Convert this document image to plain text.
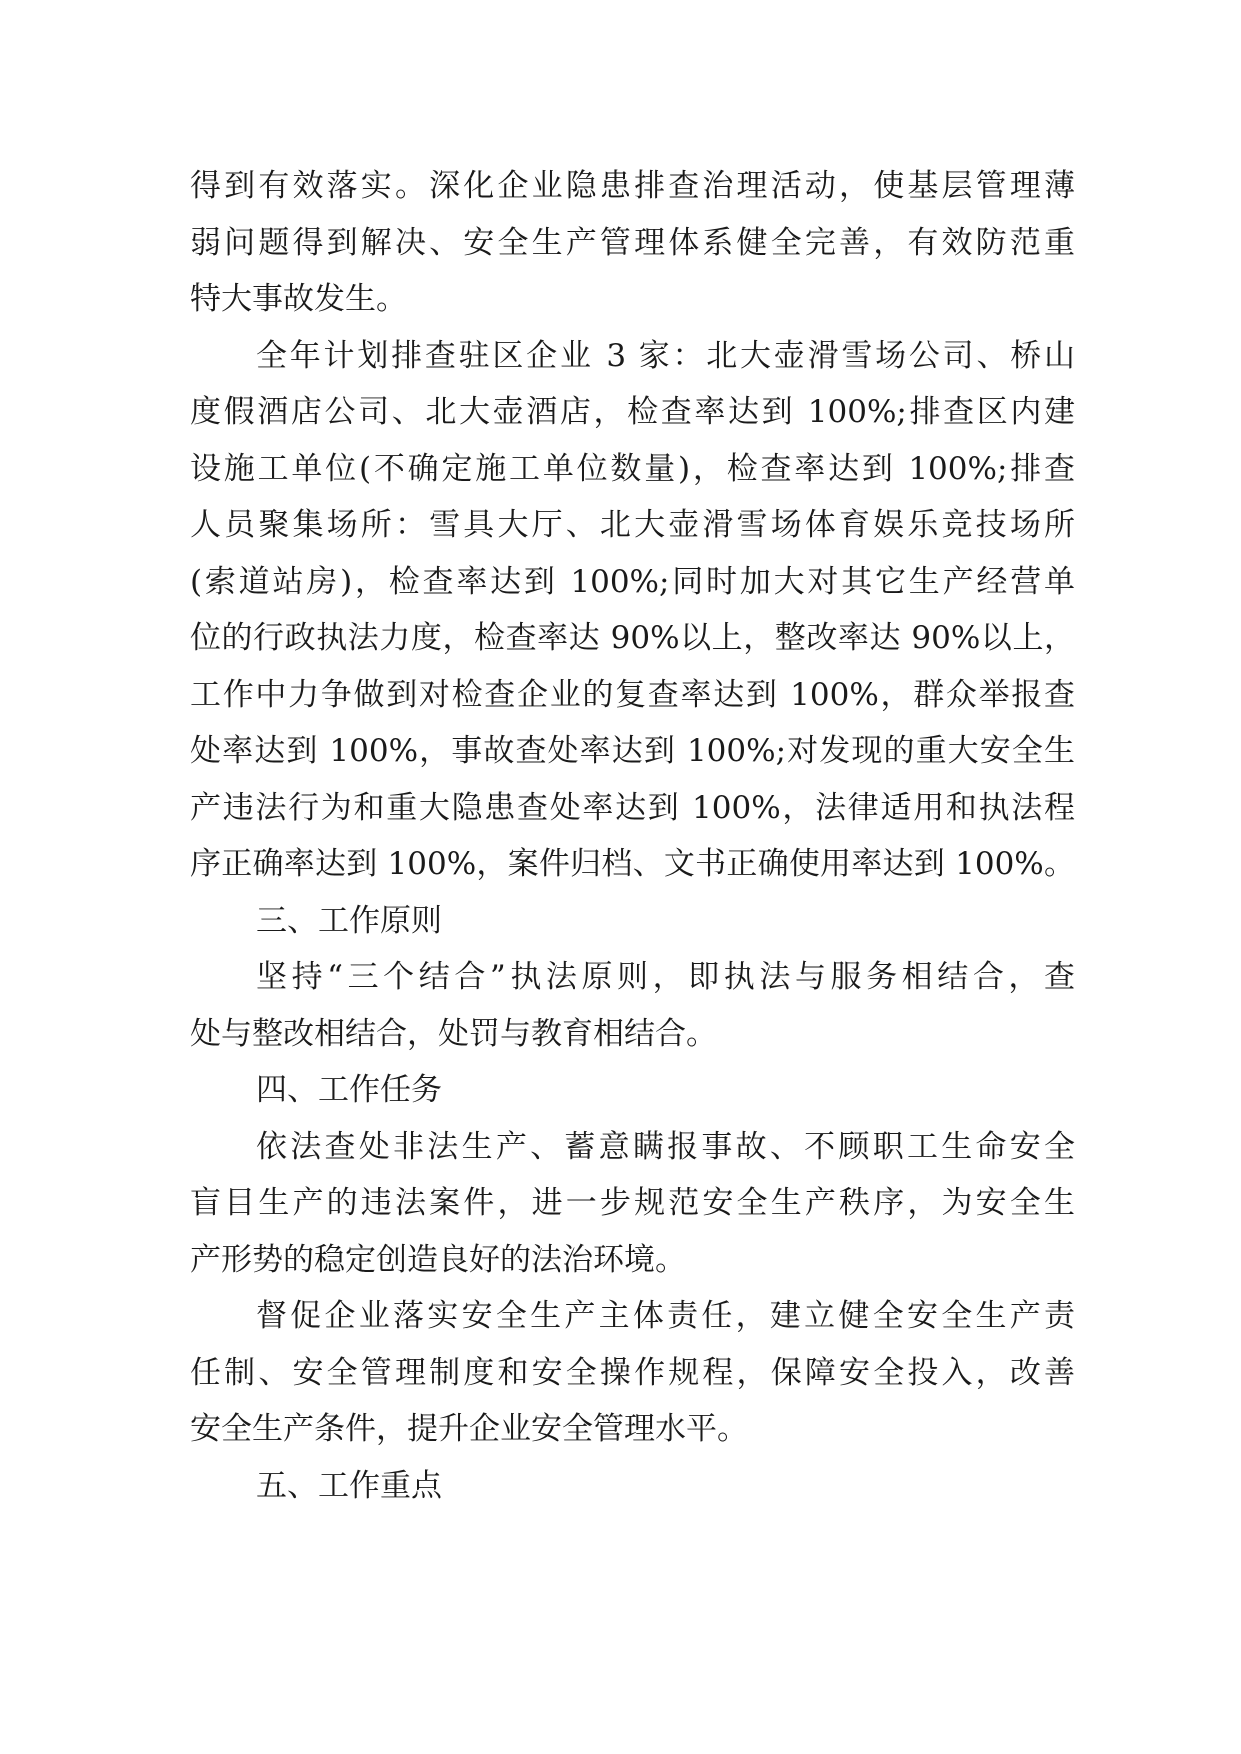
得到有效落实。深化企业隐患排查治理活动，使基层管理薄
弱问题得到解决、安全生产管理体系健全完善，有效防范重
特大事故发生。
全年计划排查驻区企业 3 家：北大壶滑雪场公司、桥山
度假酒店公司、北大壶酒店，检查率达到 100%;排查区内建
设施工单位(不确定施工单位数量)，检查率达到 100%;排查
人员聚集场所：雪具大厅、北大壶滑雪场体育娱乐竞技场所
(索道站房)，检查率达到 100%;同时加大对其它生产经营单
位的行政执法力度，检查率达 90%以上，整改率达 90%以上，
工作中力争做到对检查企业的复查率达到 100%，群众举报查
处率达到 100%，事故查处率达到 100%;对发现的重大安全生
产违法行为和重大隐患查处率达到 100%，法律适用和执法程
序正确率达到 100%，案件归档、文书正确使用率达到 100%。
三、工作原则
坚持“三个结合”执法原则，即执法与服务相结合，查
处与整改相结合，处罚与教育相结合。
四、工作任务
依法查处非法生产、蓄意瞒报事故、不顾职工生命安全
盲目生产的违法案件，进一步规范安全生产秩序，为安全生
产形势的稳定创造良好的法治环境。
督促企业落实安全生产主体责任，建立健全安全生产责
任制、安全管理制度和安全操作规程，保障安全投入，改善
安全生产条件，提升企业安全管理水平。
五、工作重点
